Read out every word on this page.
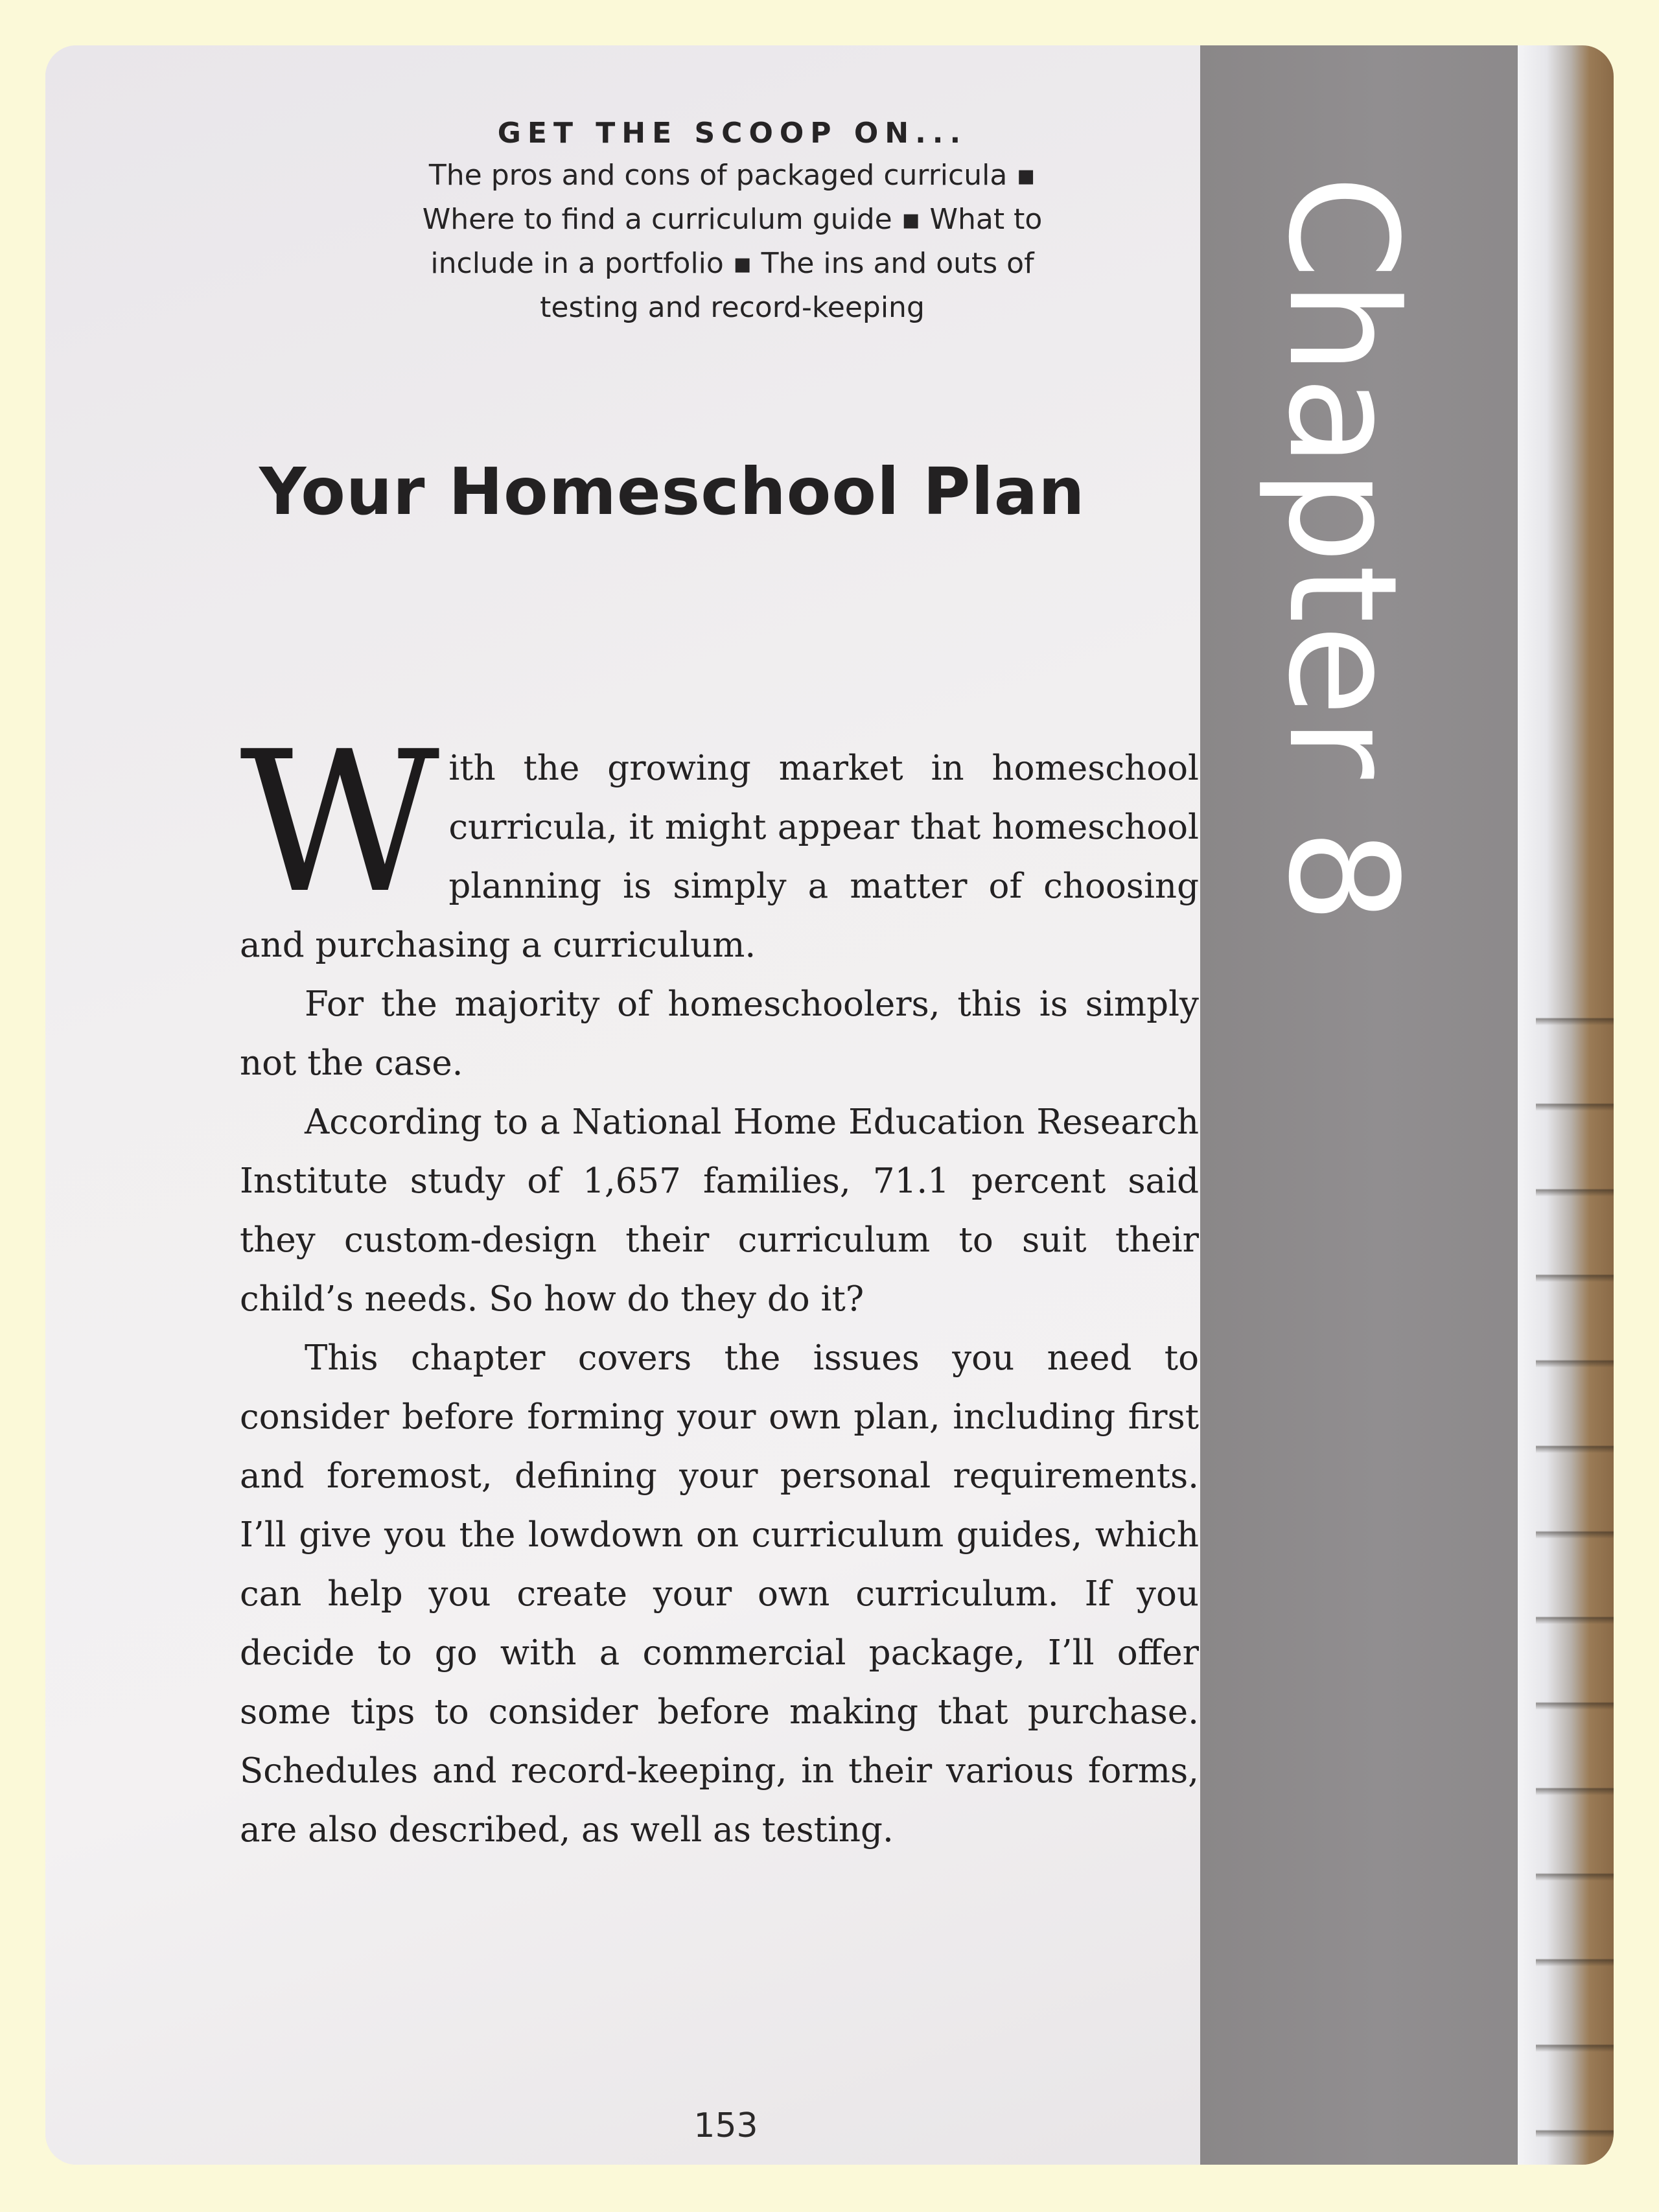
GET THE SCOOP ON...
The pros and cons of packaged curricula ▪
Where to find a curriculum guide ▪ What to
include in a portfolio ▪ The ins and outs of
testing and record-keeping
Your Homeschool Plan

With the growing market in homeschool curricula, it might appear that homeschool planning is simply a matter of choosing and purchasing a curriculum.

For the majority of homeschoolers, this is simply not the case.

According to a National Home Education Research Institute study of 1,657 families, 71.1 percent said they custom-design their curriculum to suit their child’s needs. So how do they do it?

This chapter covers the issues you need to consider before forming your own plan, including first and foremost, defining your personal requirements. I’ll give you the lowdown on curriculum guides, which can help you create your own curriculum. If you decide to go with a commercial package, I’ll offer some tips to consider before making that purchase. Schedules and record-keeping, in their various forms, are also described, as well as testing.

153
Chapter 8
